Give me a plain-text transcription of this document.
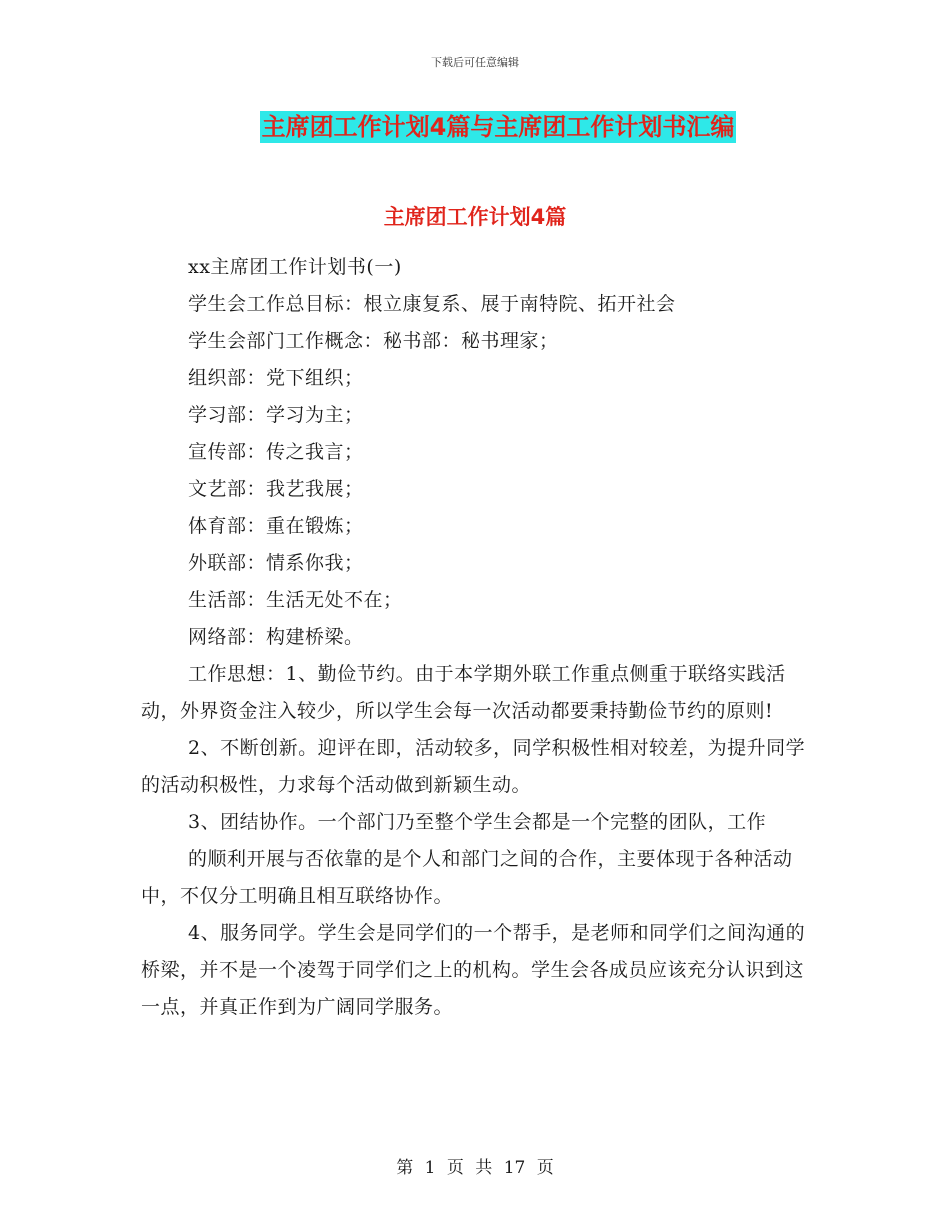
下载后可任意编辑
主席团工作计划4篇与主席团工作计划书汇编
主席团工作计划4篇

xx主席团工作计划书(一)

学生会工作总目标：根立康复系、展于南特院、拓开社会

学生会部门工作概念：秘书部：秘书理家；

组织部：党下组织；

学习部：学习为主；

宣传部：传之我言；

文艺部：我艺我展；

体育部：重在锻炼；

外联部：情系你我；

生活部：生活无处不在；

网络部：构建桥梁。

工作思想：1、勤俭节约。由于本学期外联工作重点侧重于联络实践活动，外界资金注入较少，所以学生会每一次活动都要秉持勤俭节约的原则!

2、不断创新。迎评在即，活动较多，同学积极性相对较差，为提升同学的活动积极性，力求每个活动做到新颖生动。

3、团结协作。一个部门乃至整个学生会都是一个完整的团队，工作

的顺利开展与否依靠的是个人和部门之间的合作，主要体现于各种活动中，不仅分工明确且相互联络协作。

4、服务同学。学生会是同学们的一个帮手，是老师和同学们之间沟通的桥梁，并不是一个凌驾于同学们之上的机构。学生会各成员应该充分认识到这一点，并真正作到为广阔同学服务。

第 1 页 共 17 页
